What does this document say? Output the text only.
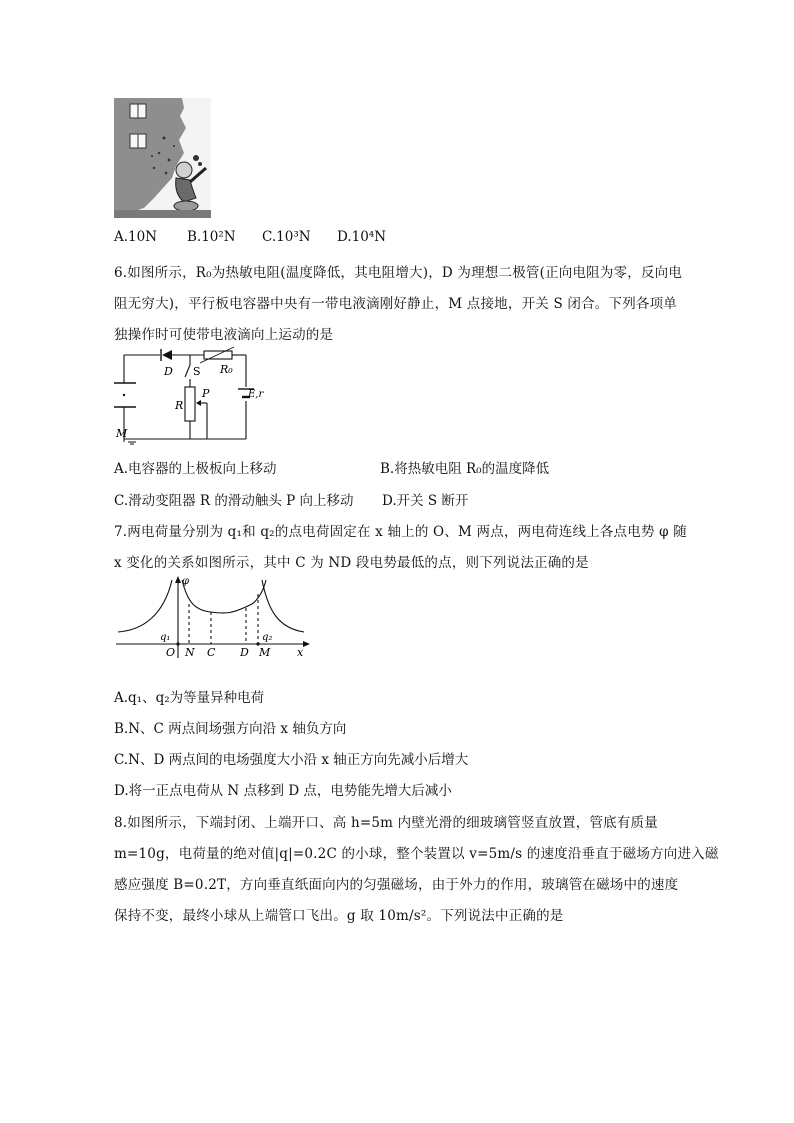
A.10N B.10²N C.10³N D.10⁴N
6.如图所示，R₀为热敏电阻(温度降低，其电阻增大)，D 为理想二极管(正向电阻为零，反向电
阻无穷大)，平行板电容器中央有一带电液滴刚好静止，M 点接地，开关 S 闭合。下列各项单
独操作时可使带电液滴向上运动的是
D S R₀
R
P	E,r
M
A.电容器的上极板向上移动	B.将热敏电阻 R₀的温度降低
C.滑动变阻器 R 的滑动触头 P 向上移动 D.开关 S 断开
7.两电荷量分别为 q₁和 q₂的点电荷固定在 x 轴上的 O、M 两点，两电荷连线上各点电势 φ 随
x 变化的关系如图所示，其中 C 为 ND 段电势最低的点，则下列说法正确的是
φ
q₁	q₂
O N C D M x
A.q₁、q₂为等量异种电荷
B.N、C 两点间场强方向沿 x 轴负方向
C.N、D 两点间的电场强度大小沿 x 轴正方向先减小后增大
D.将一正点电荷从 N 点移到 D 点，电势能先增大后减小
8.如图所示，下端封闭、上端开口、高 h=5m 内壁光滑的细玻璃管竖直放置，管底有质量
m=10g，电荷量的绝对值|q|=0.2C 的小球，整个装置以 v=5m/s 的速度沿垂直于磁场方向进入磁
感应强度 B=0.2T，方向垂直纸面向内的匀强磁场，由于外力的作用，玻璃管在磁场中的速度
保持不变，最终小球从上端管口飞出。g 取 10m/s²。下列说法中正确的是
